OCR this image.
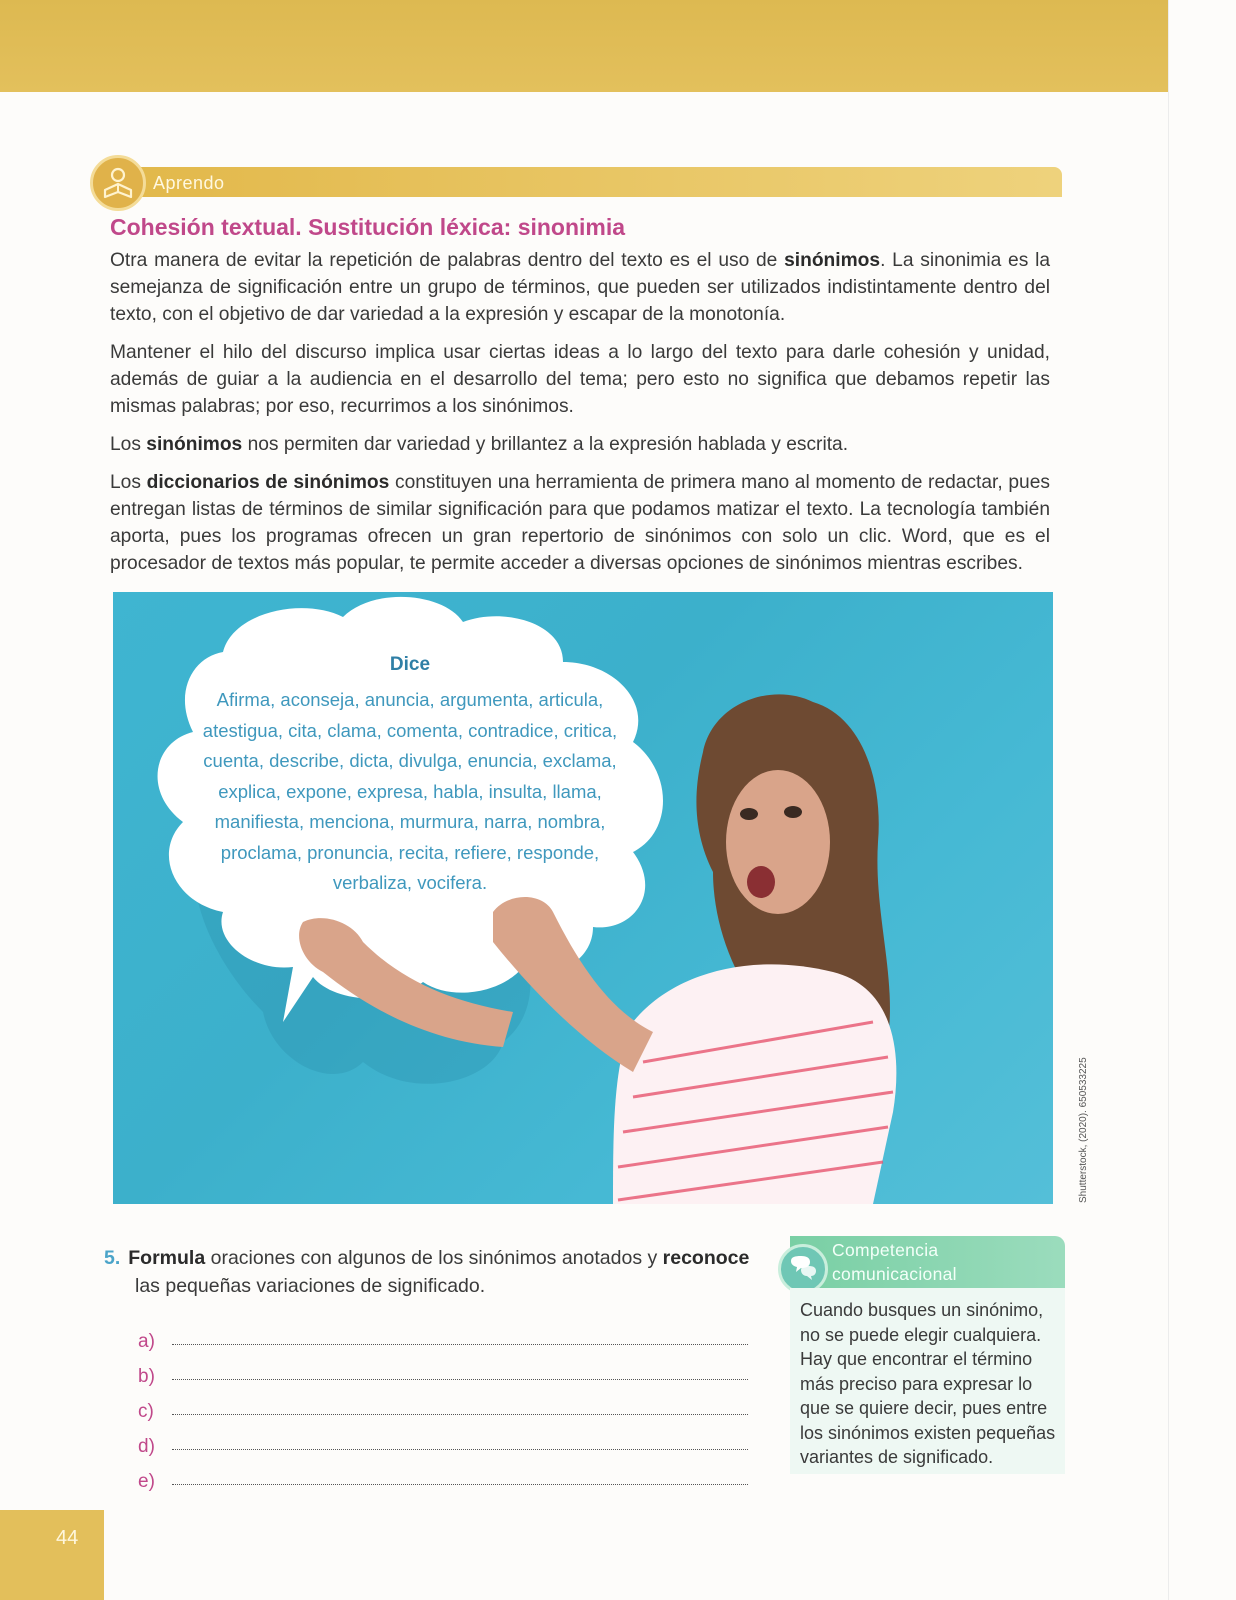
Aprendo
Cohesión textual. Sustitución léxica: sinonimia

Otra manera de evitar la repetición de palabras dentro del texto es el uso de sinónimos. La sinonimia es la semejanza de significación entre un grupo de términos, que pueden ser utilizados indistintamente dentro del texto, con el objetivo de dar variedad a la expresión y escapar de la monotonía.

Mantener el hilo del discurso implica usar ciertas ideas a lo largo del texto para darle cohesión y unidad, además de guiar a la audiencia en el desarrollo del tema; pero esto no significa que debamos repetir las mismas palabras; por eso, recurrimos a los sinónimos.

Los sinónimos nos permiten dar variedad y brillantez a la expresión hablada y escrita.

Los diccionarios de sinónimos constituyen una herramienta de primera mano al momento de redactar, pues entregan listas de términos de similar significación para que podamos matizar el texto. La tecnología también aporta, pues los programas ofrecen un gran repertorio de sinónimos con solo un clic. Word, que es el procesador de textos más popular, te permite acceder a diversas opciones de sinónimos mientras escribes.

Dice
Afirma, aconseja, anuncia, argumenta, articula,
atestigua, cita, clama, comenta, contradice, critica,
cuenta, describe, dicta, divulga, enuncia, exclama,
explica, expone, expresa, habla, insulta, llama,
manifiesta, menciona, murmura, narra, nombra,
proclama, pronuncia, recita, refiere, responde,
verbaliza, vocifera.
Shutterstock, (2020). 650533225
5. Formula oraciones con algunos de los sinónimos anotados y reconoce
las pequeñas variaciones de significado.
a)
b)
c)
d)
e)
Competencia
comunicacional
Cuando busques un sinónimo, no se puede elegir cualquiera. Hay que encontrar el término más preciso para expresar lo que se quiere decir, pues entre los sinónimos existen pequeñas variantes de significado.
44
